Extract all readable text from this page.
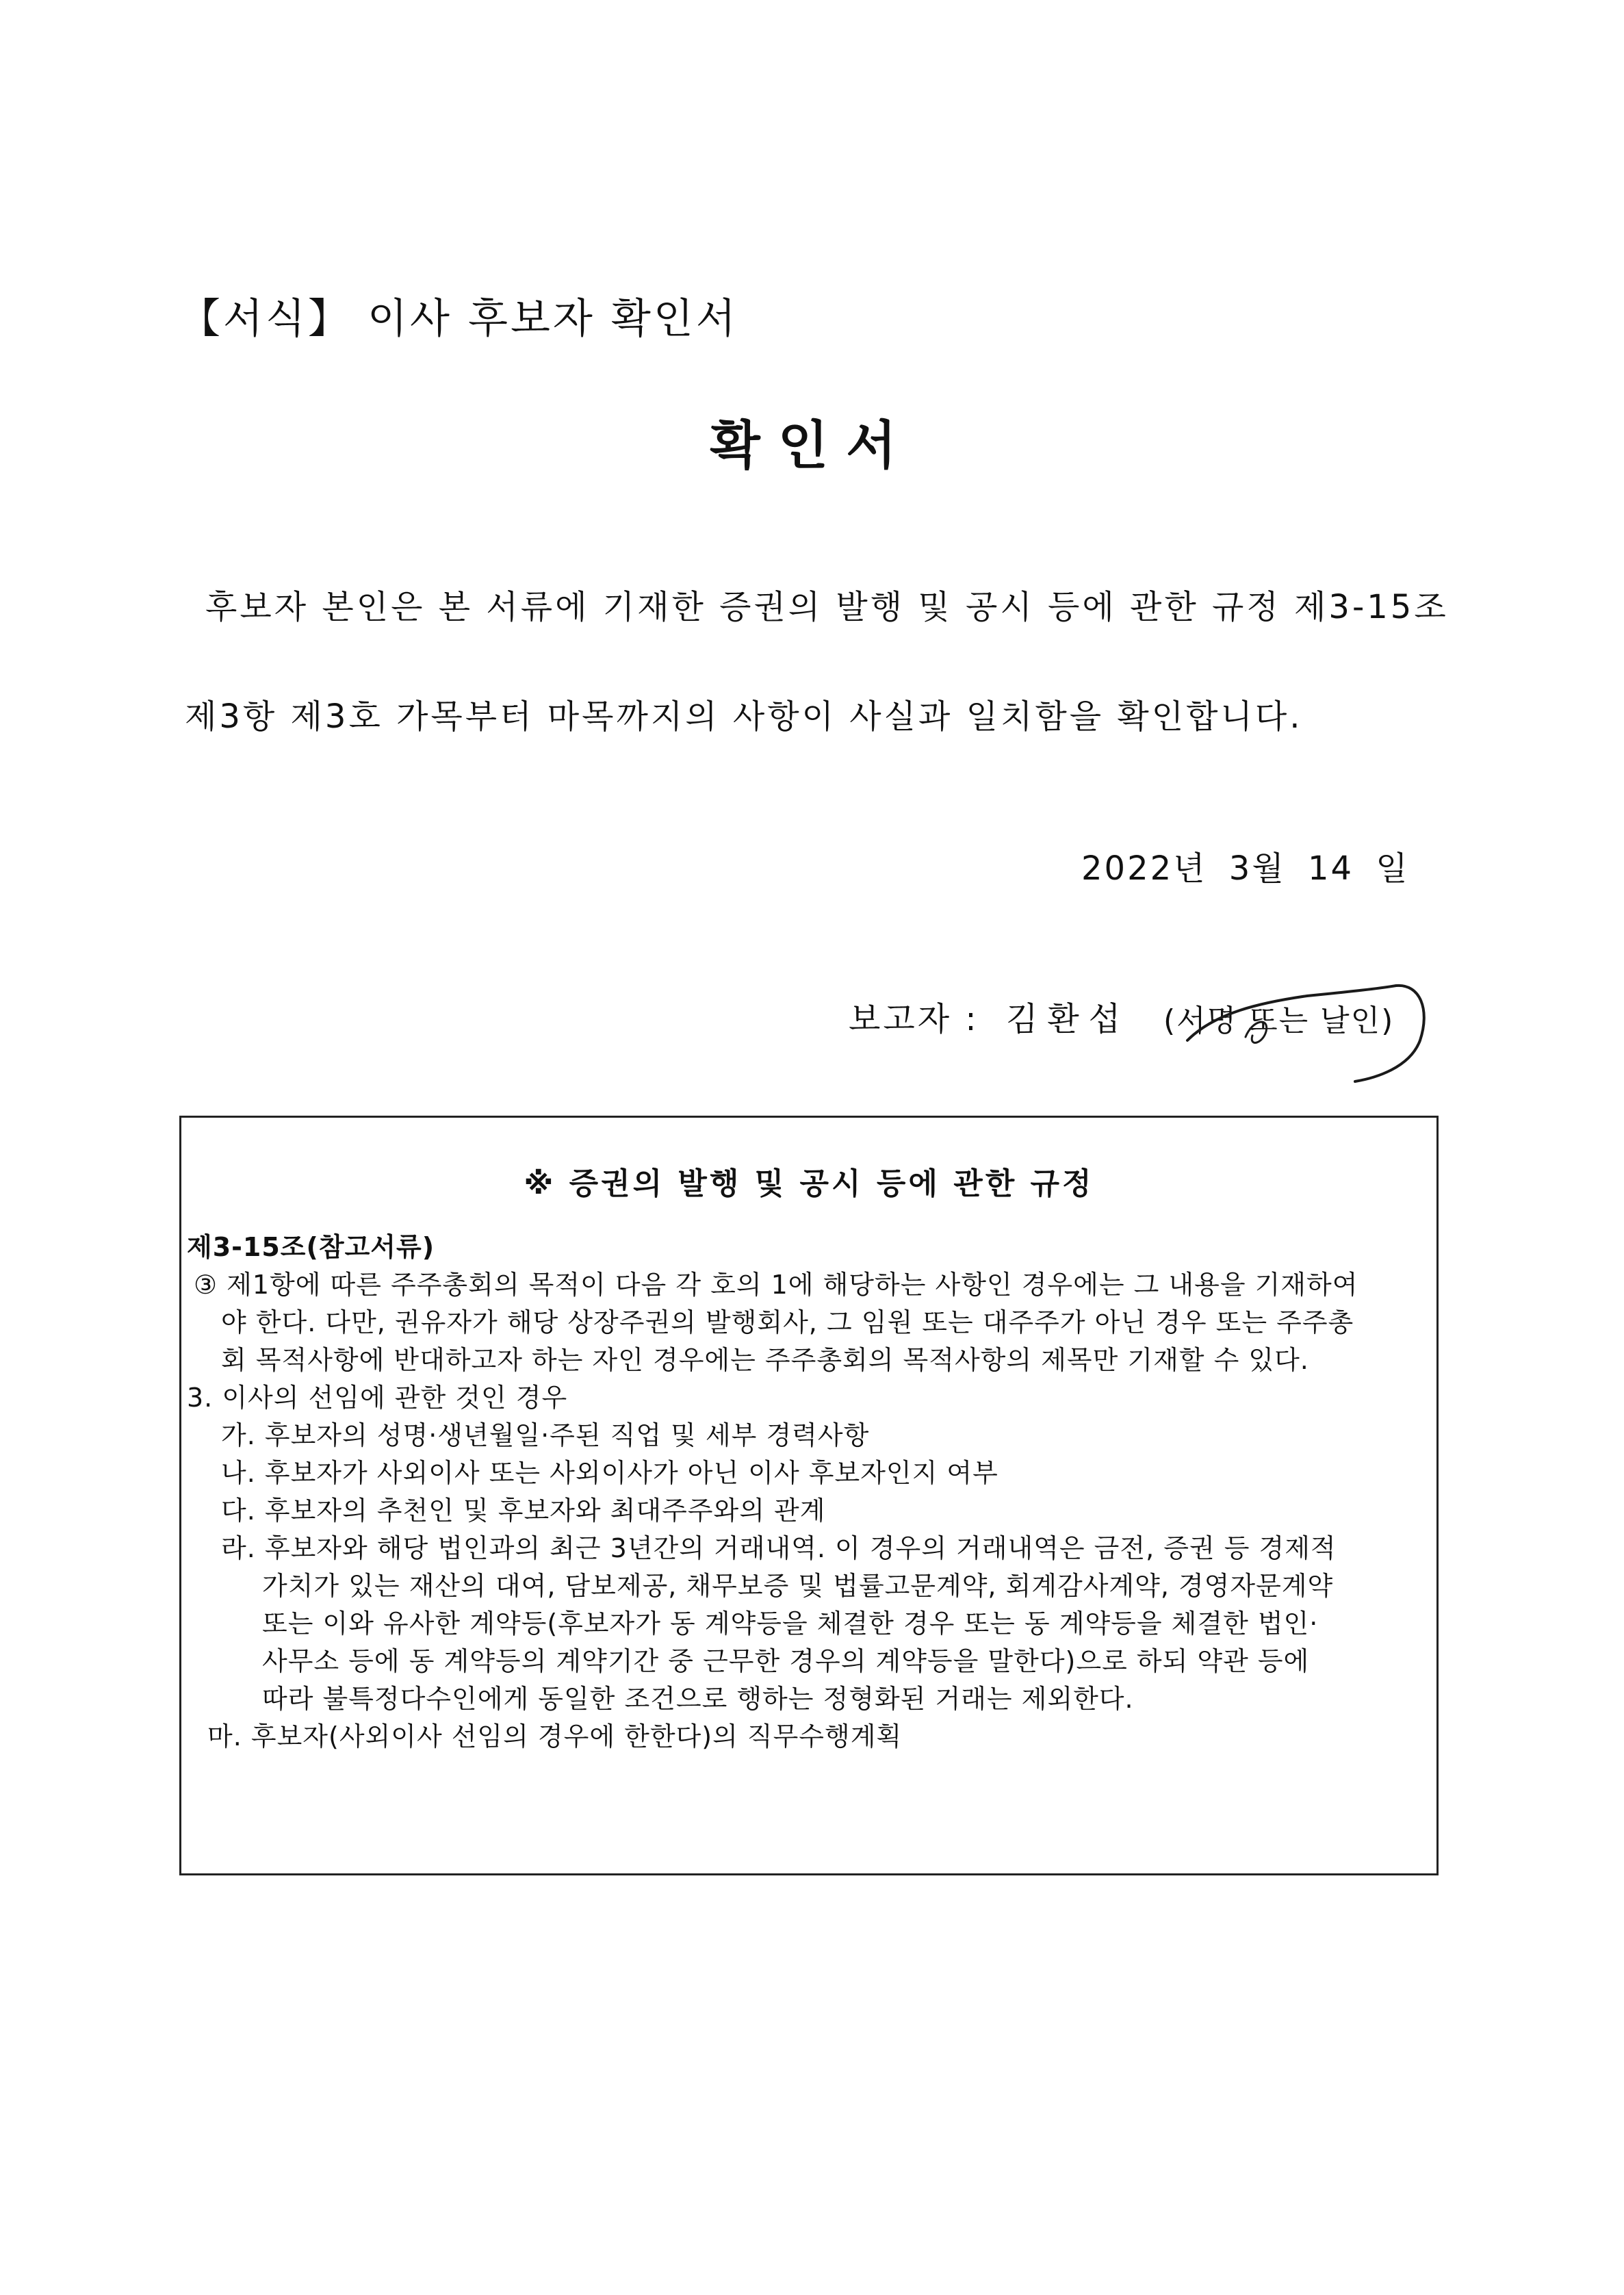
【서식】 이사 후보자 확인서
확인서
후보자 본인은 본 서류에 기재한 증권의 발행 및 공시 등에 관한 규정 제3-15조
제3항 제3호 가목부터 마목까지의 사항이 사실과 일치함을 확인합니다.
2022년 3월 14 일
보고자 : 김환섭 (서명 또는 날인)
※ 증권의 발행 및 공시 등에 관한 규정
제3-15조(참고서류)
③ 제1항에 따른 주주총회의 목적이 다음 각 호의 1에 해당하는 사항인 경우에는 그 내용을 기재하여
야 한다. 다만, 권유자가 해당 상장주권의 발행회사, 그 임원 또는 대주주가 아닌 경우 또는 주주총
회 목적사항에 반대하고자 하는 자인 경우에는 주주총회의 목적사항의 제목만 기재할 수 있다.
3. 이사의 선임에 관한 것인 경우
가. 후보자의 성명·생년월일·주된 직업 및 세부 경력사항
나. 후보자가 사외이사 또는 사외이사가 아닌 이사 후보자인지 여부
다. 후보자의 추천인 및 후보자와 최대주주와의 관계
라. 후보자와 해당 법인과의 최근 3년간의 거래내역. 이 경우의 거래내역은 금전, 증권 등 경제적
가치가 있는 재산의 대여, 담보제공, 채무보증 및 법률고문계약, 회계감사계약, 경영자문계약
또는 이와 유사한 계약등(후보자가 동 계약등을 체결한 경우 또는 동 계약등을 체결한 법인·
사무소 등에 동 계약등의 계약기간 중 근무한 경우의 계약등을 말한다)으로 하되 약관 등에
따라 불특정다수인에게 동일한 조건으로 행하는 정형화된 거래는 제외한다.
마. 후보자(사외이사 선임의 경우에 한한다)의 직무수행계획
